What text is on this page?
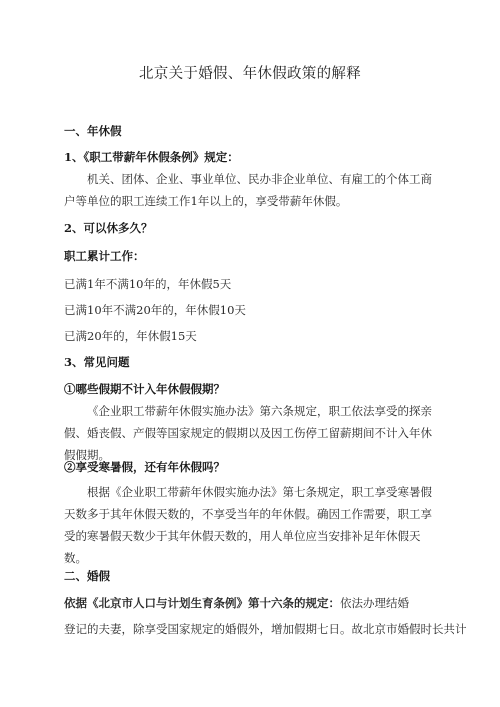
北京关于婚假、年休假政策的解释
一、年休假
1、《职工带薪年休假条例》规定：

机关、团体、企业、事业单位、民办非企业单位、有雇工的个体工商户等单位的职工连续工作1年以上的，享受带薪年休假。

2、可以休多久？
职工累计工作：

已满1年不满10年的，年休假5天

已满10年不满20年的，年休假10天

已满20年的，年休假15天

3、常见问题
①哪些假期不计入年休假假期？

《企业职工带薪年休假实施办法》第六条规定，职工依法享受的探亲假、婚丧假、产假等国家规定的假期以及因工伤停工留薪期间不计入年休假假期。

②享受寒暑假，还有年休假吗？

根据《企业职工带薪年休假实施办法》第七条规定，职工享受寒暑假天数多于其年休假天数的，不享受当年的年休假。确因工作需要，职工享受的寒暑假天数少于其年休假天数的，用人单位应当安排补足年休假天数。

二、婚假

依据《北京市人口与计划生育条例》第十六条的规定：依法办理结婚

登记的夫妻，除享受国家规定的婚假外，增加假期七日。故北京市婚假时长共计
